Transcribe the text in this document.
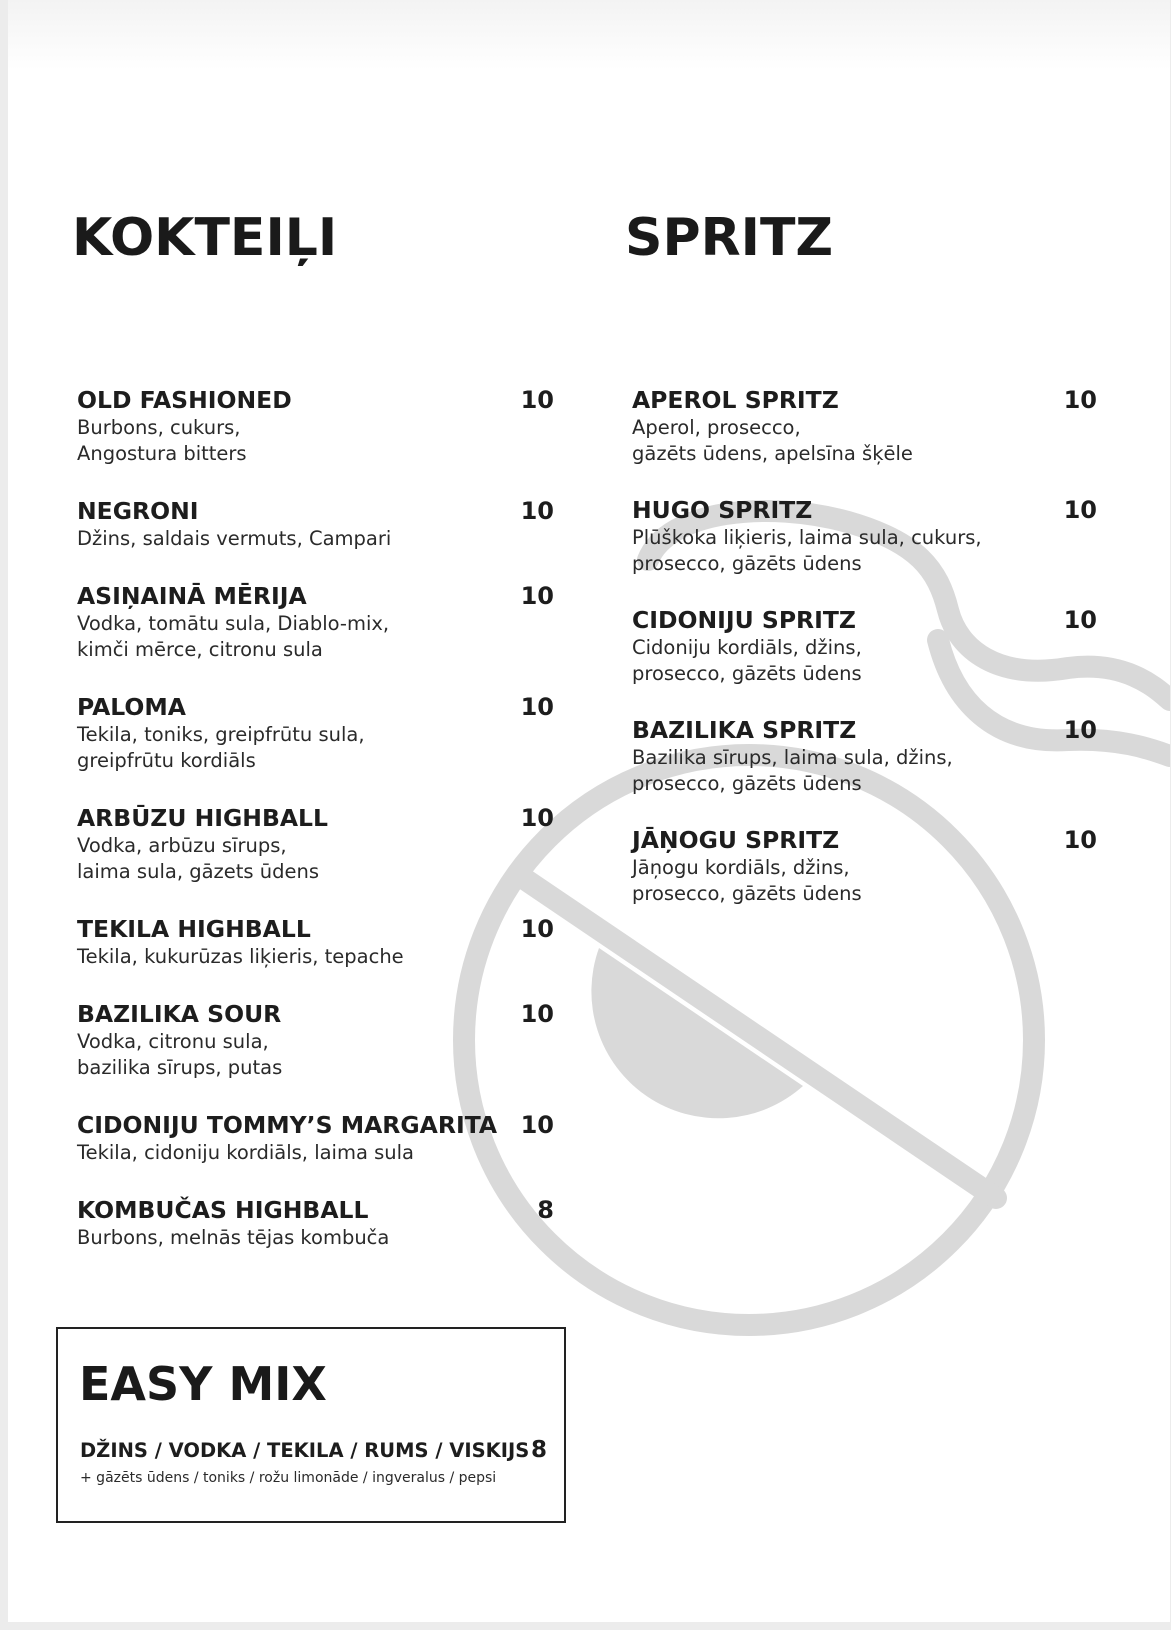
KOKTEIĻI	SPRITZ
OLD FASHIONED	10
Burbons, cukurs,
Angostura bitters
NEGRONI	10
Džins, saldais vermuts, Campari
ASIŅAINĀ MĒRIJA	10
Vodka, tomātu sula, Diablo-mix,
kimči mērce, citronu sula
PALOMA	10
Tekila, toniks, greipfrūtu sula,
greipfrūtu kordiāls
ARBŪZU HIGHBALL	10
Vodka, arbūzu sīrups,
laima sula, gāzets ūdens
TEKILA HIGHBALL	10
Tekila, kukurūzas liķieris, tepache
BAZILIKA SOUR	10
Vodka, citronu sula,
bazilika sīrups, putas
CIDONIJU TOMMY’S MARGARITA 10
Tekila, cidoniju kordiāls, laima sula
KOMBUČAS HIGHBALL	8
Burbons, melnās tējas kombuča
APEROL SPRITZ	10
Aperol, prosecco,
gāzēts ūdens, apelsīna šķēle
HUGO SPRITZ	10
Plūškoka liķieris, laima sula, cukurs,
prosecco, gāzēts ūdens
CIDONIJU SPRITZ	10
Cidoniju kordiāls, džins,
prosecco, gāzēts ūdens
BAZILIKA SPRITZ	10
Bazilika sīrups, laima sula, džins,
prosecco, gāzēts ūdens
JĀŅOGU SPRITZ	10
Jāņogu kordiāls, džins,
prosecco, gāzēts ūdens
EASY MIX
DŽINS / VODKA / TEKILA / RUMS / VISKIJS 8
+ gāzēts ūdens / toniks / rožu limonāde / ingveralus / pepsi
